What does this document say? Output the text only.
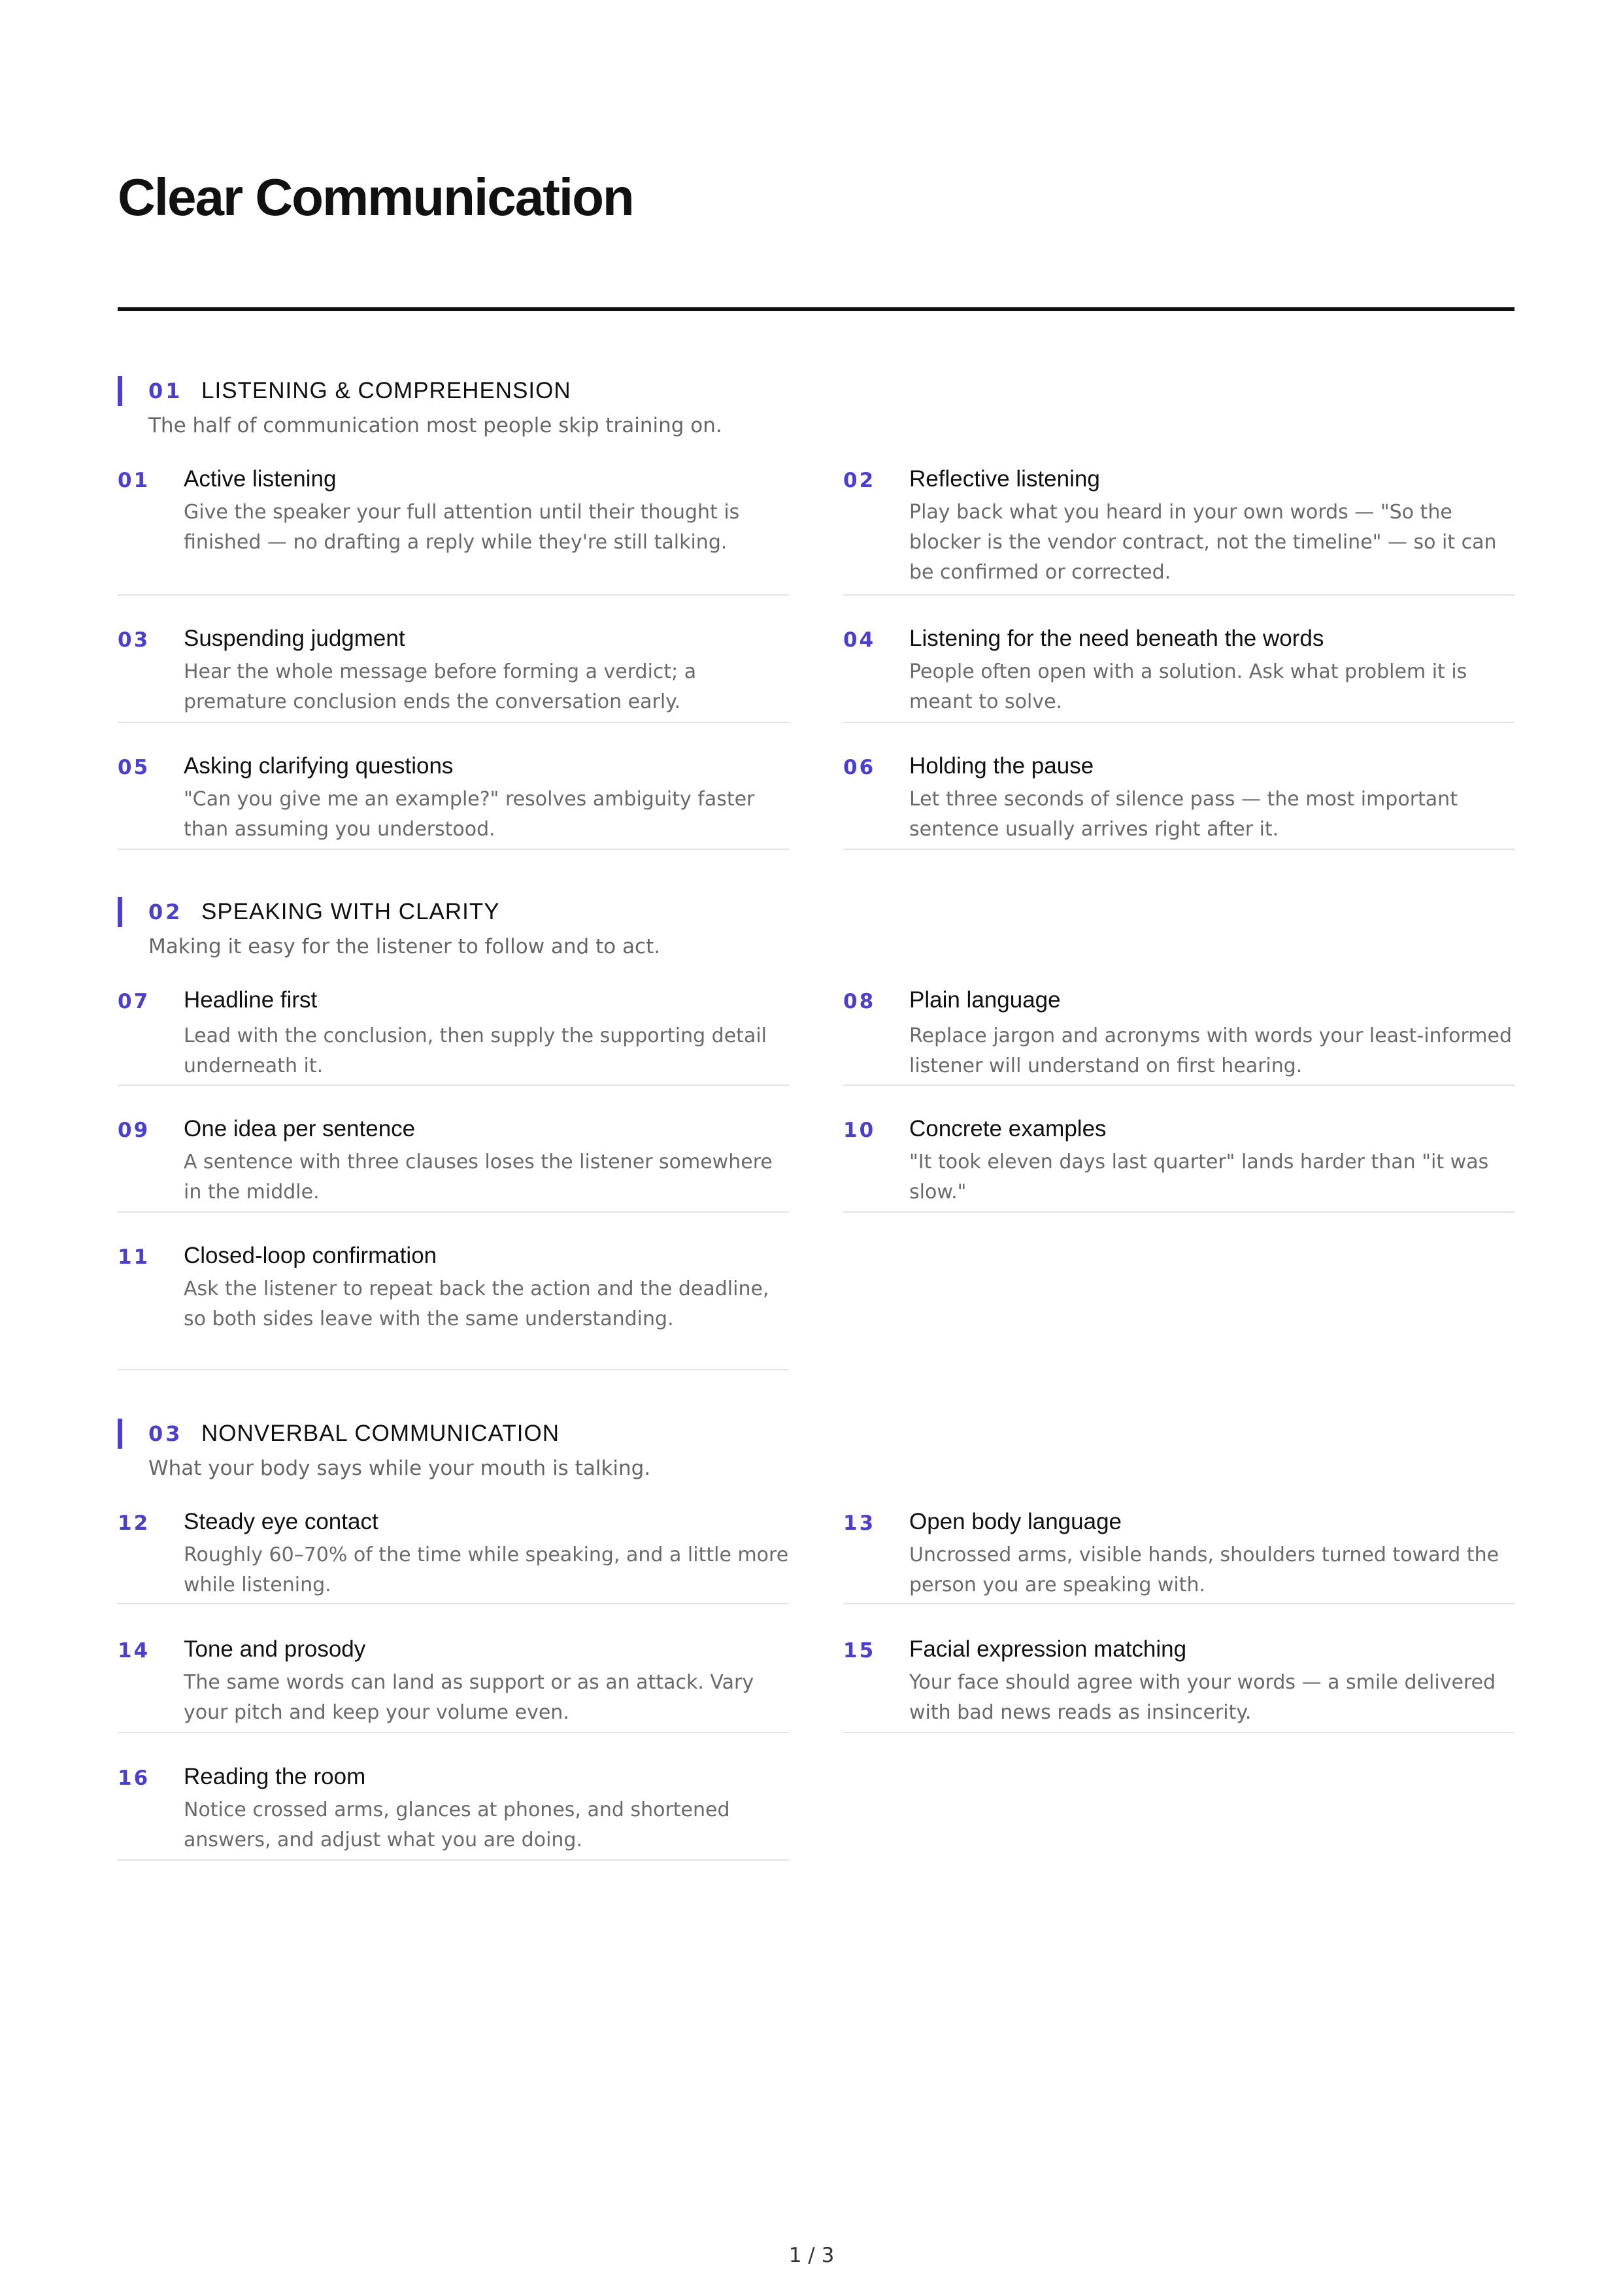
Clear Communication
01 LISTENING & COMPREHENSION
The half of communication most people skip training on.
01 Active listening

Give the speaker your full attention until their thought is finished — no drafting a reply while they're still talking.

02 Reflective listening

Play back what you heard in your own words — "So the blocker is the vendor contract, not the timeline" — so it can be confirmed or corrected.

03 Suspending judgment

Hear the whole message before forming a verdict; a premature conclusion ends the conversation early.

04 Listening for the need beneath the words

People often open with a solution. Ask what problem it is meant to solve.

05 Asking clarifying questions

"Can you give me an example?" resolves ambiguity faster than assuming you understood.

06 Holding the pause

Let three seconds of silence pass — the most important sentence usually arrives right after it.

02 SPEAKING WITH CLARITY
Making it easy for the listener to follow and to act.
07 Headline first

Lead with the conclusion, then supply the supporting detail underneath it.

08 Plain language

Replace jargon and acronyms with words your least-informed listener will understand on first hearing.

09 One idea per sentence

A sentence with three clauses loses the listener somewhere in the middle.

10 Concrete examples

"It took eleven days last quarter" lands harder than "it was slow."

11 Closed-loop confirmation

Ask the listener to repeat back the action and the deadline, so both sides leave with the same understanding.

03 NONVERBAL COMMUNICATION
What your body says while your mouth is talking.
12 Steady eye contact

Roughly 60–70% of the time while speaking, and a little more while listening.

13 Open body language

Uncrossed arms, visible hands, shoulders turned toward the person you are speaking with.

14 Tone and prosody

The same words can land as support or as an attack. Vary your pitch and keep your volume even.

15 Facial expression matching

Your face should agree with your words — a smile delivered with bad news reads as insincerity.

16 Reading the room

Notice crossed arms, glances at phones, and shortened answers, and adjust what you are doing.

1 / 3
